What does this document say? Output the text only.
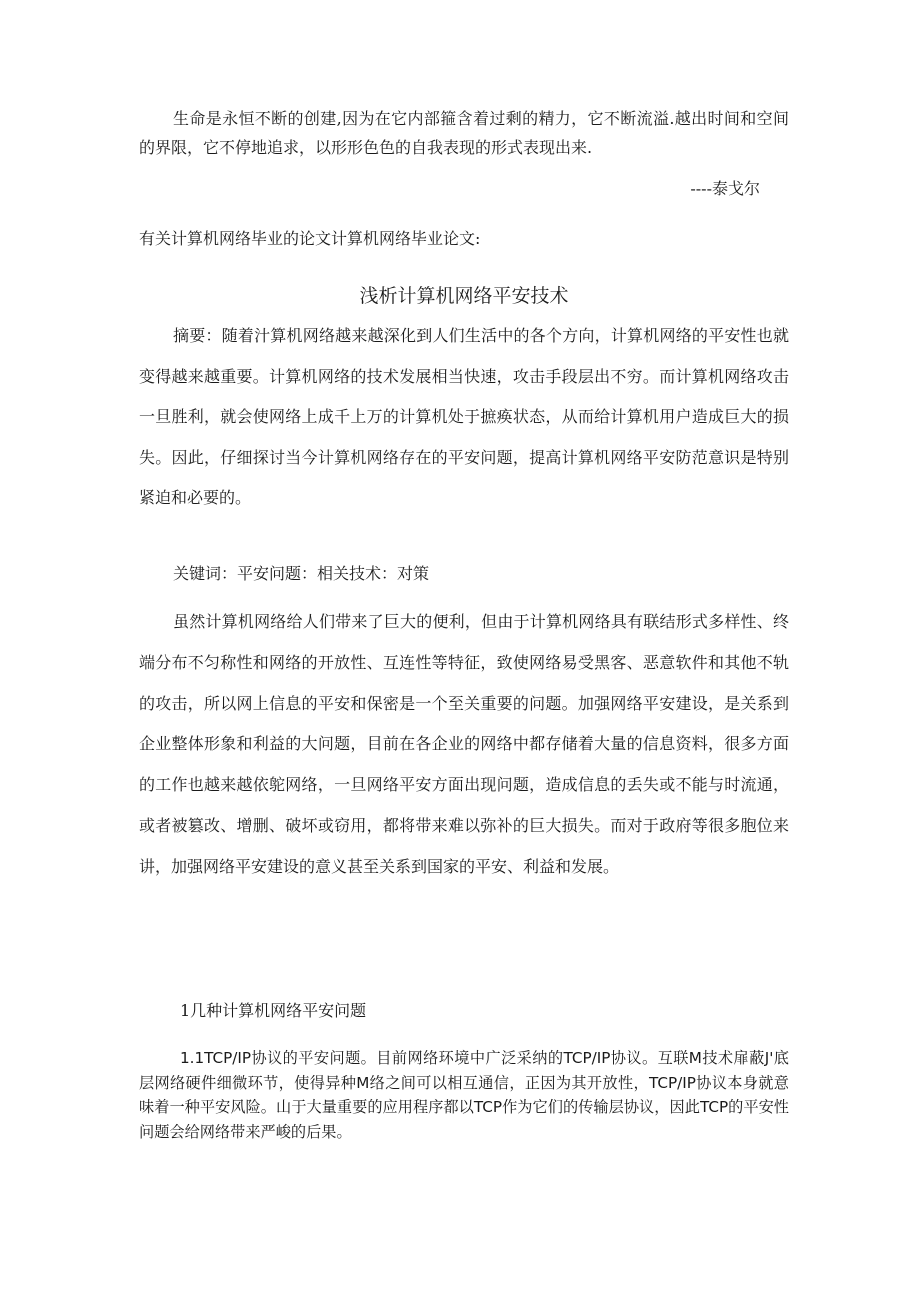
生命是永恒不断的创建,因为在它内部箍含着过剩的精力，它不断流溢.越出时间和空间的界限，它不停地追求，以形形色色的自我表现的形式表现出来.

----泰戈尔

有关计算机网络毕业的论文计算机网络毕业论文:

浅析计算机网络平安技术

摘要：随着汁算机网络越来越深化到人们生活中的各个方向，计算机网络的平安性也就变得越来越重要。计算机网络的技术发展相当快速，攻击手段层出不穷。而计算机网络攻击一旦胜利，就会使网络上成千上万的计算机处于摭痪状态，从而给计算机用户造成巨大的损失。因此，仔细探讨当今计算机网络存在的平安问题，提高计算机网络平安防范意识是特别紧迫和必要的。

关键词：平安问题：相关技术：对策

虽然计算机网络给人们带来了巨大的便利，但由于计算机网络具有联结形式多样性、终端分布不匀称性和网络的开放性、互连性等特征，致使网络易受黑客、恶意软件和其他不轨的攻击，所以网上信息的平安和保密是一个至关重要的问题。加强网络平安建设，是关系到企业整体形象和利益的大问题，目前在各企业的网络中都存储着大量的信息资料，很多方面的工作也越来越依鸵网络，一旦网络平安方面出现问题，造成信息的丢失或不能与时流通，或者被篡改、增删、破坏或窃用，都将带来难以弥补的巨大损失。而对于政府等很多胞位来讲，加强网络平安建设的意义甚至关系到国家的平安、利益和发展。

1几种计算机网络平安问题

1.1TCP/IP协议的平安问题。目前网络环境中广泛采纳的TCP/IP协议。互联M技术扉蔽J'底层网络硬件细微环节，使得异种M络之间可以相互通信，正因为其开放性，TCP/IP协议本身就意味着一种平安风险。山于大量重要的应用程序都以TCP作为它们的传输层协议，因此TCP的平安性问题会给网络带来严峻的后果。
